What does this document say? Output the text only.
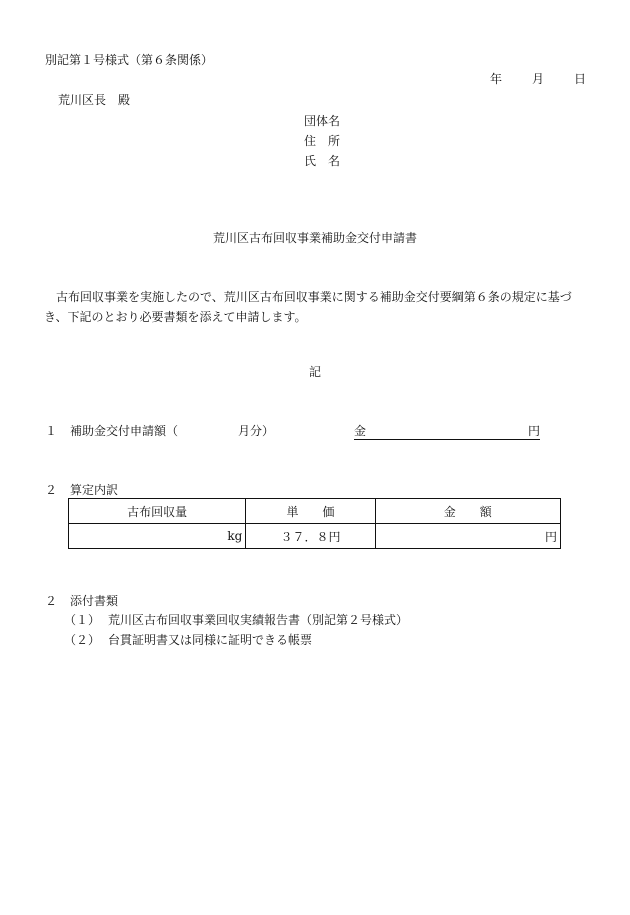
別記第１号様式（第６条関係）
年	月	日
荒川区長　殿
団体名
住　所
氏　名
荒川区古布回収事業補助金交付申請書
古布回収事業を実施したので、荒川区古布回収事業に関する補助金交付要綱第６条の規定に基づき、下記のとおり必要書類を添えて申請します。
記
１ 補助金交付申請額（　　　　　月分）	金	円
２ 算定内訳
古布回収量	単　　価	金　　額
kg	３７．８円	円
２ 添付書類
（１） 荒川区古布回収事業回収実績報告書（別記第２号様式）
（２） 台貫証明書又は同様に証明できる帳票
